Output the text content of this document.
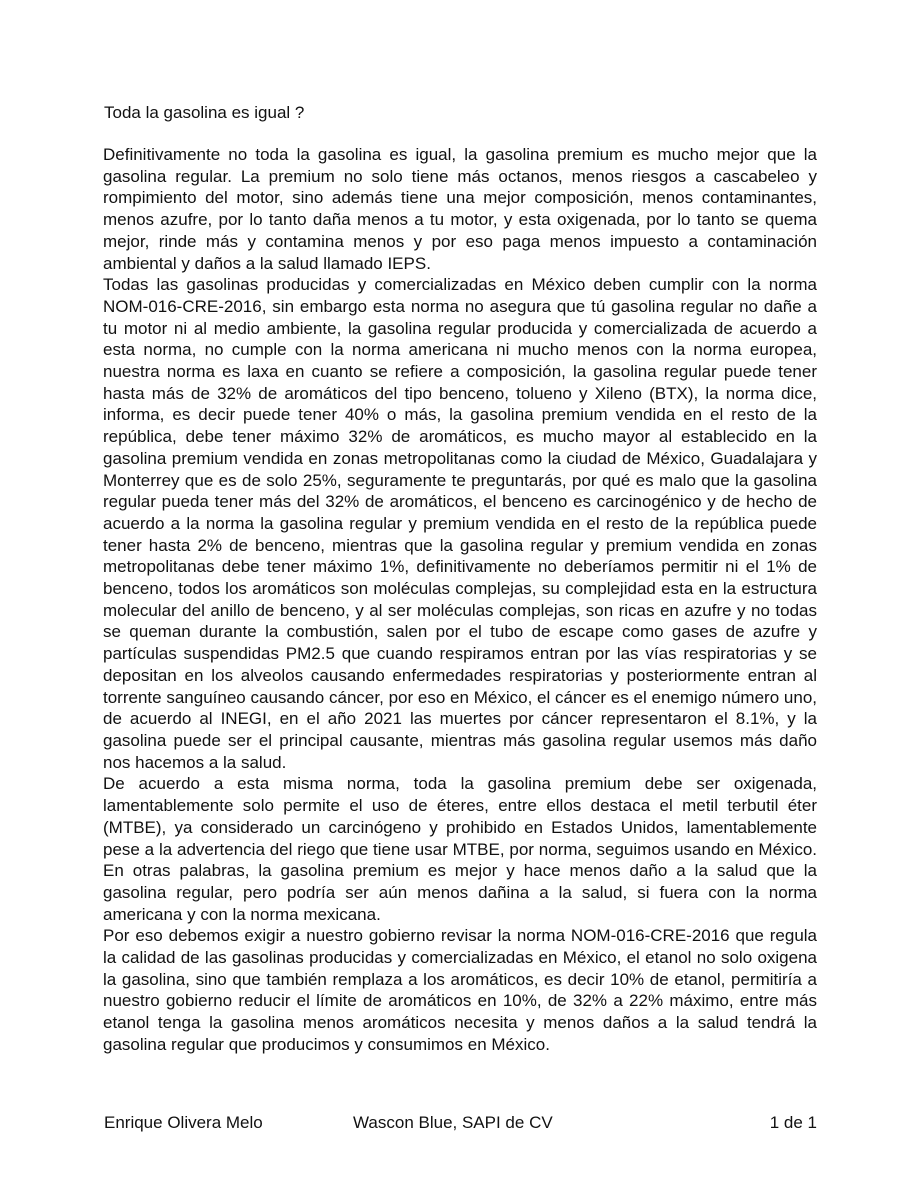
Toda la gasolina es igual ?

Definitivamente no toda la gasolina es igual, la gasolina premium es mucho mejor que la gasolina regular. La premium no solo tiene más octanos, menos riesgos a cascabeleo y rompimiento del motor, sino además tiene una mejor composición, menos contaminantes, menos azufre, por lo tanto daña menos a tu motor, y esta oxigenada, por lo tanto se quema mejor, rinde más y contamina menos y por eso paga menos impuesto a contaminación ambiental y daños a la salud llamado IEPS.

Todas las gasolinas producidas y comercializadas en México deben cumplir con la norma NOM-016-CRE-2016, sin embargo esta norma no asegura que tú gasolina regular no dañe a tu motor ni al medio ambiente, la gasolina regular producida y comercializada de acuerdo a esta norma, no cumple con la norma americana ni mucho menos con la norma europea, nuestra norma es laxa en cuanto se refiere a composición, la gasolina regular puede tener hasta más de 32% de aromáticos del tipo benceno, tolueno y Xileno (BTX), la norma dice, informa, es decir puede tener 40% o más, la gasolina premium vendida en el resto de la república, debe tener máximo 32% de aromáticos, es mucho mayor al establecido en la gasolina premium vendida en zonas metropolitanas como la ciudad de México, Guadalajara y Monterrey que es de solo 25%, seguramente te preguntarás, por qué es malo que la gasolina regular pueda tener más del 32% de aromáticos, el benceno es carcinogénico y de hecho de acuerdo a la norma la gasolina regular y premium vendida en el resto de la república puede tener hasta 2% de benceno, mientras que la gasolina regular y premium vendida en zonas metropolitanas debe tener máximo 1%, definitivamente no deberíamos permitir ni el 1% de benceno, todos los aromáticos son moléculas complejas, su complejidad esta en la estructura molecular del anillo de benceno, y al ser moléculas complejas, son ricas en azufre y no todas se queman durante la combustión, salen por el tubo de escape como gases de azufre y partículas suspendidas PM2.5 que cuando respiramos entran por las vías respiratorias y se depositan en los alveolos causando enfermedades respiratorias y posteriormente entran al torrente sanguíneo causando cáncer, por eso en México, el cáncer es el enemigo número uno, de acuerdo al INEGI, en el año 2021 las muertes por cáncer representaron el 8.1%, y la gasolina puede ser el principal causante, mientras más gasolina regular usemos más daño nos hacemos a la salud.

De acuerdo a esta misma norma, toda la gasolina premium debe ser oxigenada, lamentablemente solo permite el uso de éteres, entre ellos destaca el metil terbutil éter (MTBE), ya considerado un carcinógeno y prohibido en Estados Unidos, lamentablemente pese a la advertencia del riego que tiene usar MTBE, por norma, seguimos usando en México. En otras palabras, la gasolina premium es mejor y hace menos daño a la salud que la gasolina regular, pero podría ser aún menos dañina a la salud, si fuera con la norma americana y con la norma mexicana.

Por eso debemos exigir a nuestro gobierno revisar la norma NOM-016-CRE-2016 que regula la calidad de las gasolinas producidas y comercializadas en México, el etanol no solo oxigena la gasolina, sino que también remplaza a los aromáticos, es decir 10% de etanol, permitiría a nuestro gobierno reducir el límite de aromáticos en 10%, de 32% a 22% máximo, entre más etanol tenga la gasolina menos aromáticos necesita y menos daños a la salud tendrá la gasolina regular que producimos y consumimos en México.

Enrique Olivera Melo	Wascon Blue, SAPI de CV	1 de 1
